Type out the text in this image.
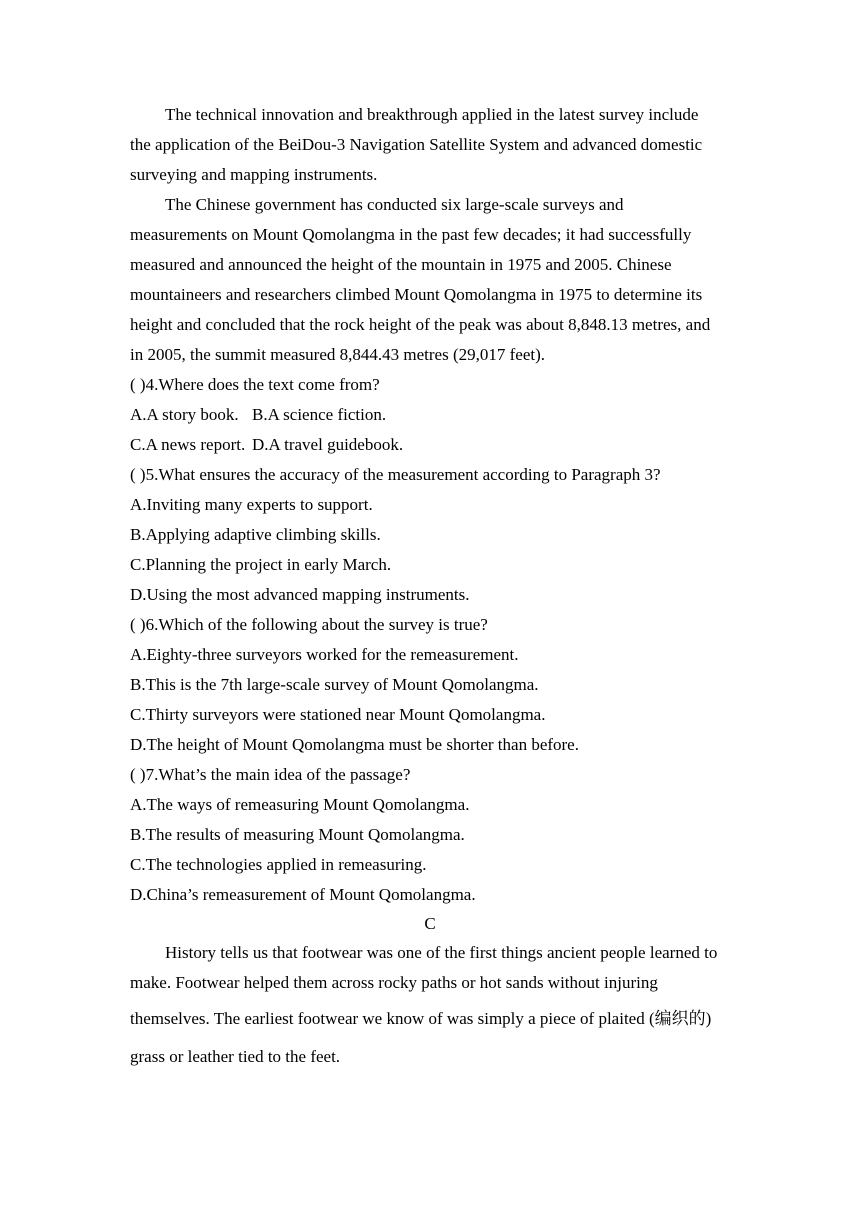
The technical innovation and breakthrough applied in the latest survey include
the application of the BeiDou-3 Navigation Satellite System and advanced domestic
surveying and mapping instruments.
The Chinese government has conducted six large-scale surveys and
measurements on Mount Qomolangma in the past few decades; it had successfully
measured and announced the height of the mountain in 1975 and 2005. Chinese
mountaineers and researchers climbed Mount Qomolangma in 1975 to determine its
height and concluded that the rock height of the peak was about 8,848.13 metres, and
in 2005, the summit measured 8,844.43 metres (29,017 feet).
( )4.Where does the text come from?
A.A story book. B.A science fiction.
C.A news report. D.A travel guidebook.
( )5.What ensures the accuracy of the measurement according to Paragraph 3?
A.Inviting many experts to support.
B.Applying adaptive climbing skills.
C.Planning the project in early March.
D.Using the most advanced mapping instruments.
( )6.Which of the following about the survey is true?
A.Eighty-three surveyors worked for the remeasurement.
B.This is the 7th large-scale survey of Mount Qomolangma.
C.Thirty surveyors were stationed near Mount Qomolangma.
D.The height of Mount Qomolangma must be shorter than before.
( )7.What’s the main idea of the passage?
A.The ways of remeasuring Mount Qomolangma.
B.The results of measuring Mount Qomolangma.
C.The technologies applied in remeasuring.
D.China’s remeasurement of Mount Qomolangma.
C
History tells us that footwear was one of the first things ancient people learned to
make. Footwear helped them across rocky paths or hot sands without injuring
themselves. The earliest footwear we know of was simply a piece of plaited (编织的)
grass or leather tied to the feet.
